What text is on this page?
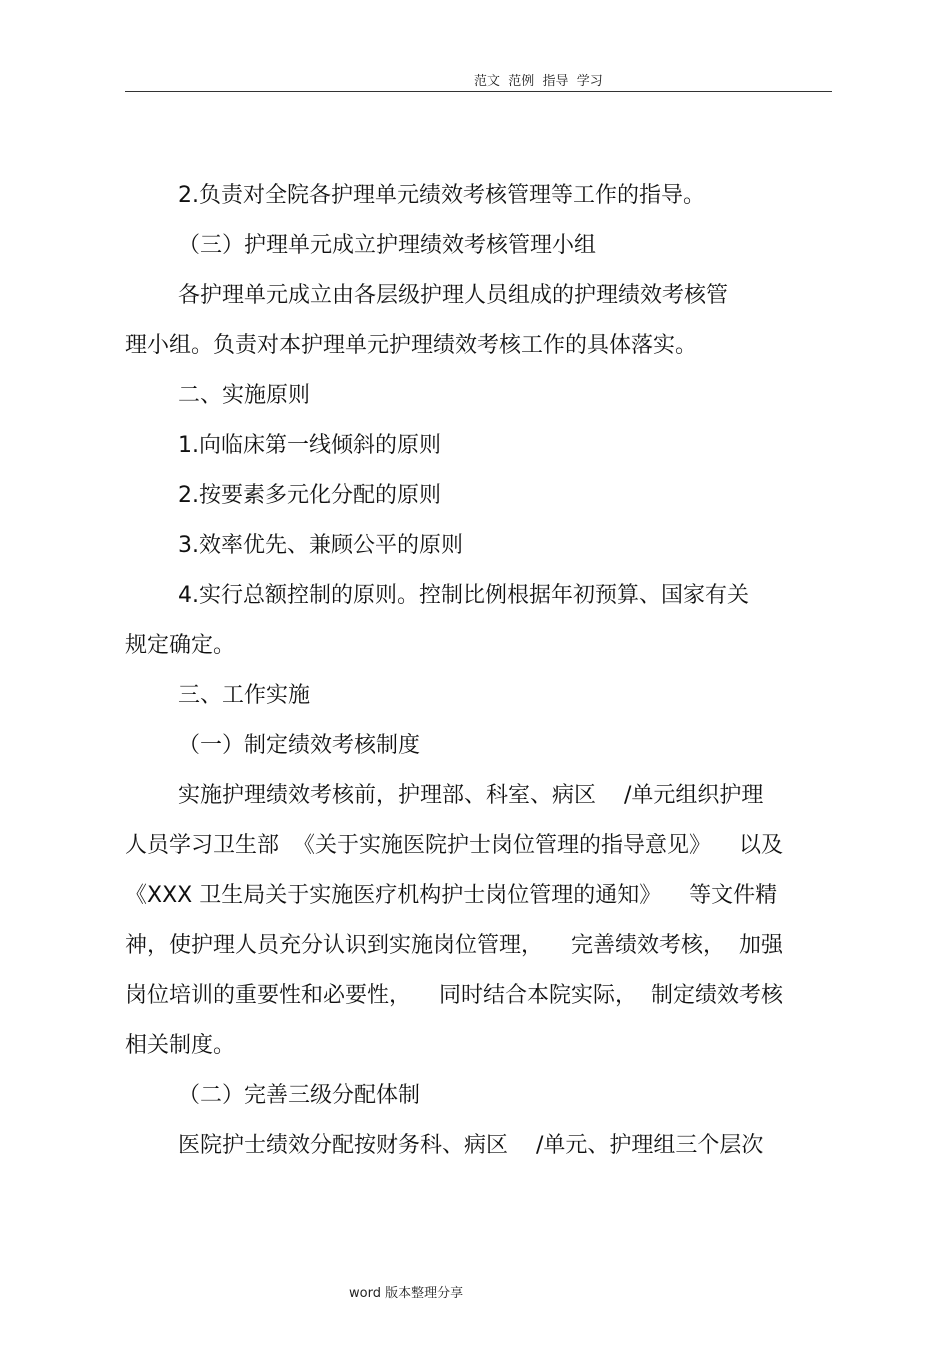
范文  范例  指导  学习
2.负责对全院各护理单元绩效考核管理等工作的指导。
（三）护理单元成立护理绩效考核管理小组
各护理单元成立由各层级护理人员组成的护理绩效考核管
理小组。负责对本护理单元护理绩效考核工作的具体落实。
二、实施原则
1.向临床第一线倾斜的原则
2.按要素多元化分配的原则
3.效率优先、兼顾公平的原则
4.实行总额控制的原则。控制比例根据年初预算、国家有关
规定确定。
三、工作实施
（一）制定绩效考核制度
实施护理绩效考核前，护理部、科室、病区    /单元组织护理
人员学习卫生部  《关于实施医院护士岗位管理的指导意见》    以及
《XXX 卫生局关于实施医疗机构护士岗位管理的通知》    等文件精
神，使护理人员充分认识到实施岗位管理，    完善绩效考核，  加强
岗位培训的重要性和必要性，    同时结合本院实际，  制定绩效考核
相关制度。
（二）完善三级分配体制
医院护士绩效分配按财务科、病区    /单元、护理组三个层次
word 版本整理分享
